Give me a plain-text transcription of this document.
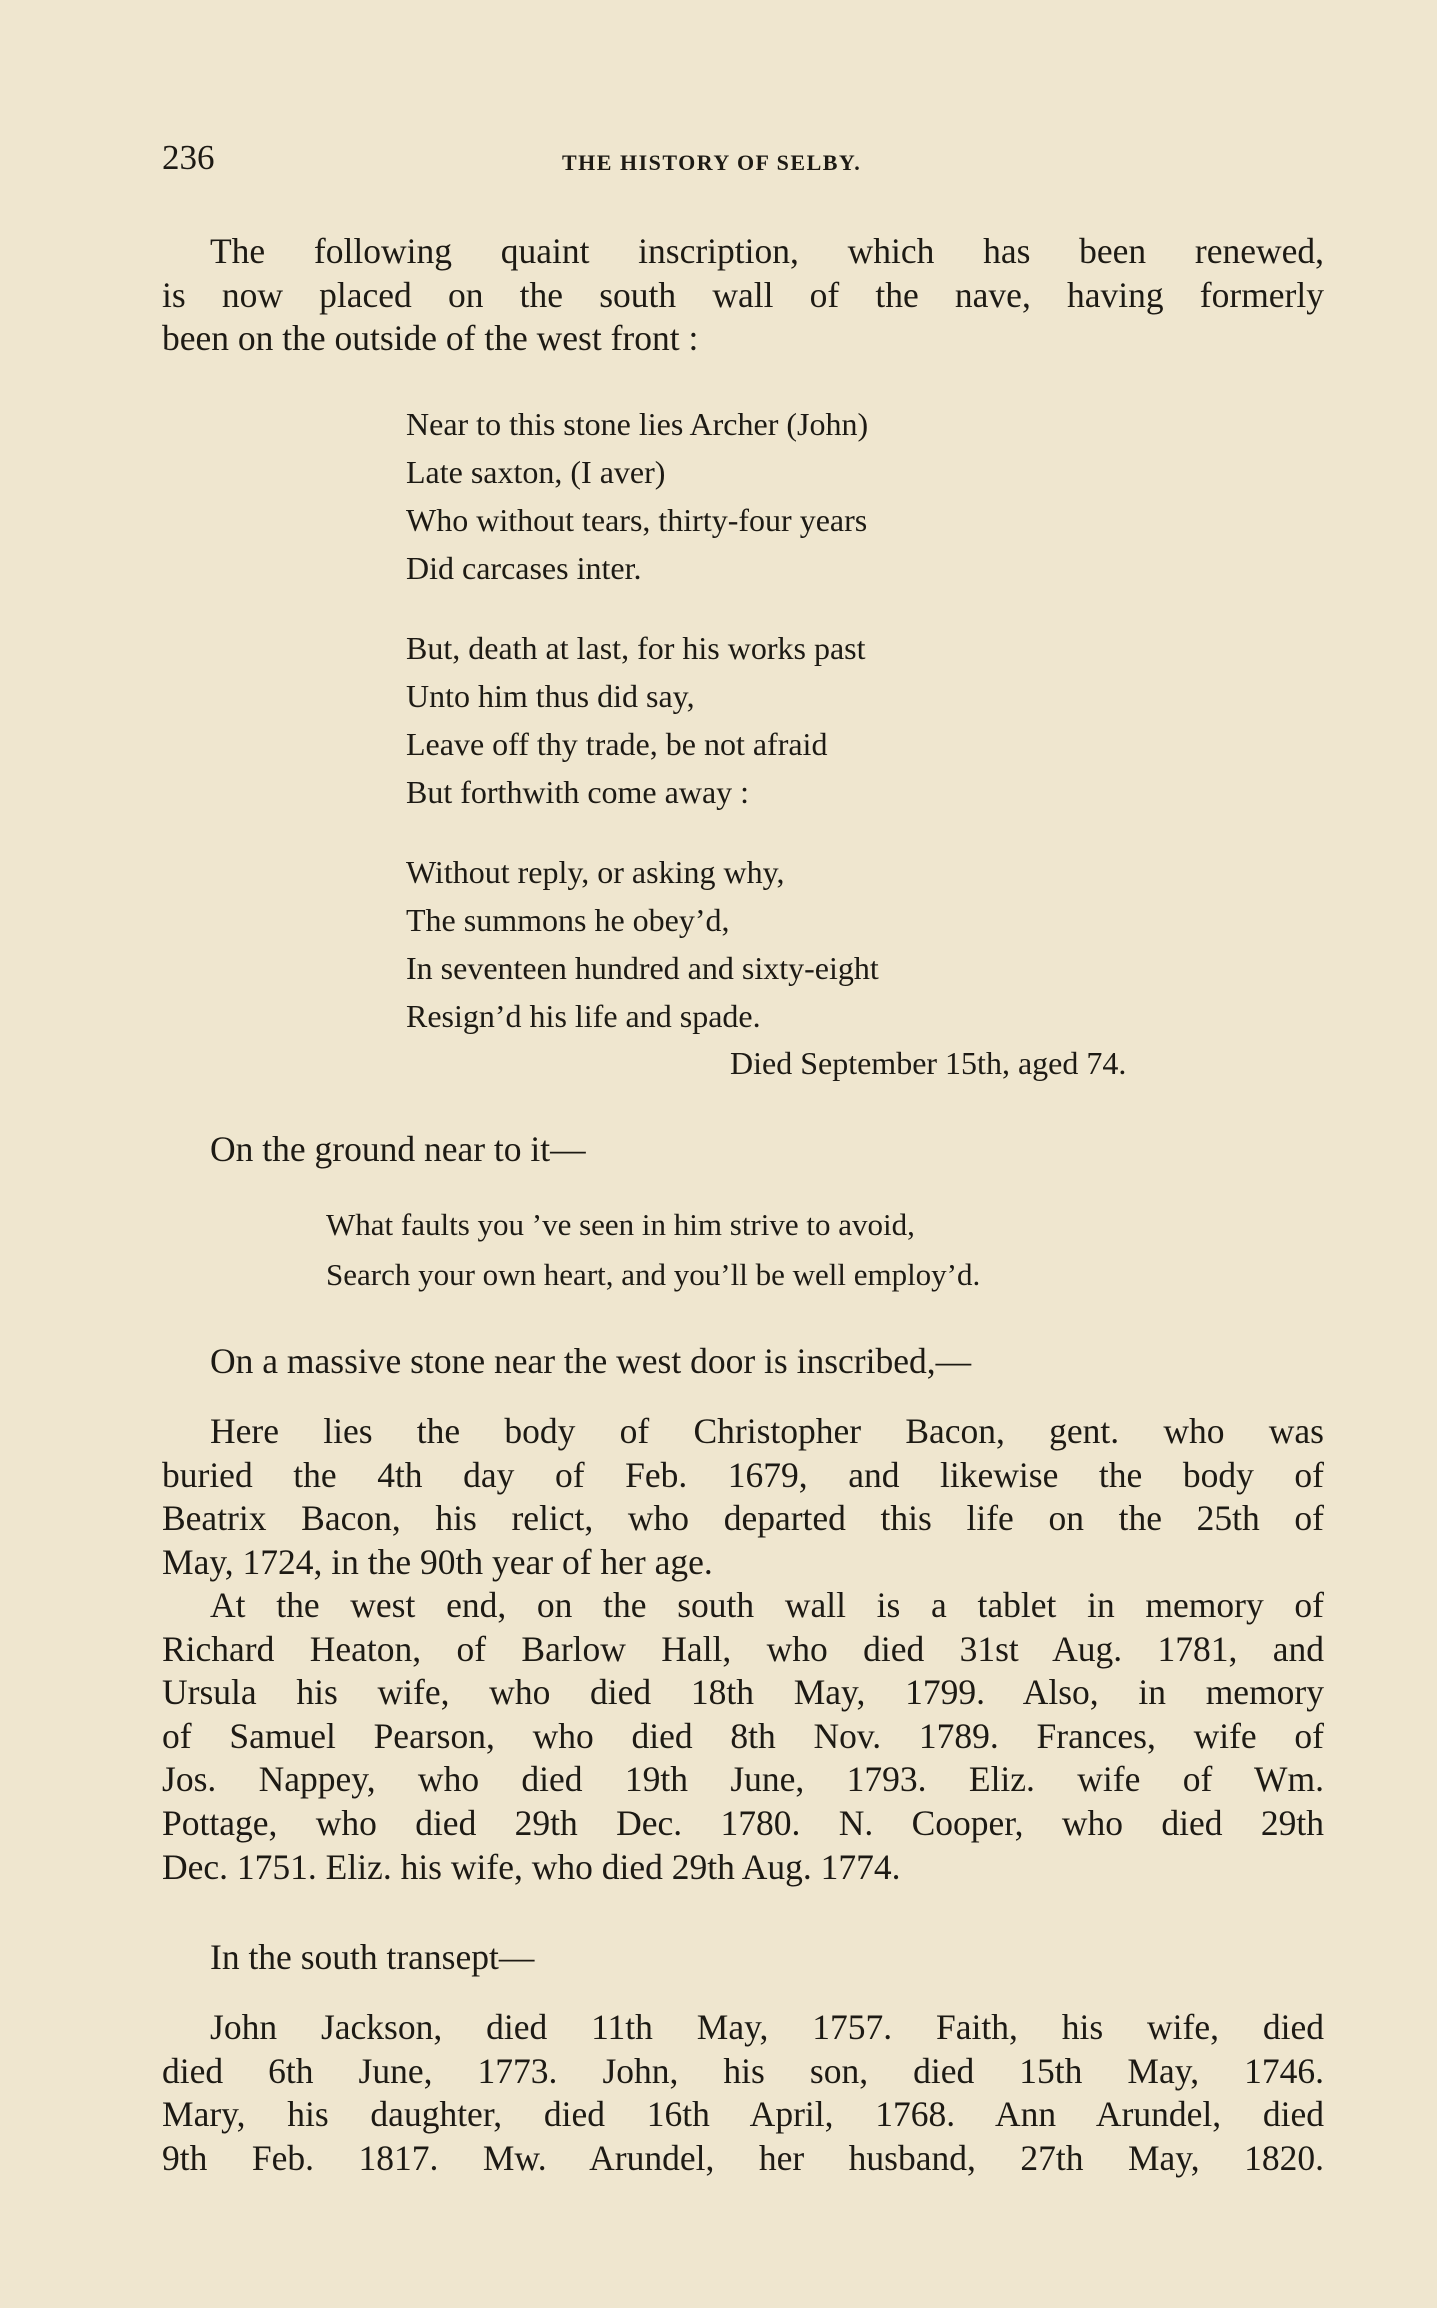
236	THE HISTORY OF SELBY.
The following quaint inscription, which has been renewed,
is now placed on the south wall of the nave, having formerly
been on the outside of the west front :
Near to this stone lies Archer (John)
Late saxton, (I aver)
Who without tears, thirty-four years
Did carcases inter.
But, death at last, for his works past
Unto him thus did say,
Leave off thy trade, be not afraid
But forthwith come away :
Without reply, or asking why,
The summons he obey’d,
In seventeen hundred and sixty-eight
Resign’d his life and spade.
Died September 15th, aged 74.
On the ground near to it—
What faults you ’ve seen in him strive to avoid,
Search your own heart, and you’ll be well employ’d.
On a massive stone near the west door is inscribed,—
Here lies the body of Christopher Bacon, gent. who was
buried the 4th day of Feb. 1679, and likewise the body of
Beatrix Bacon, his relict, who departed this life on the 25th of
May, 1724, in the 90th year of her age.
At the west end, on the south wall is a tablet in memory of
Richard Heaton, of Barlow Hall, who died 31st Aug. 1781, and
Ursula his wife, who died 18th May, 1799. Also, in memory
of Samuel Pearson, who died 8th Nov. 1789. Frances, wife of
Jos. Nappey, who died 19th June, 1793. Eliz. wife of Wm.
Pottage, who died 29th Dec. 1780. N. Cooper, who died 29th
Dec. 1751. Eliz. his wife, who died 29th Aug. 1774.
In the south transept—
John Jackson, died 11th May, 1757. Faith, his wife, died
died 6th June, 1773. John, his son, died 15th May, 1746.
Mary, his daughter, died 16th April, 1768. Ann Arundel, died
9th Feb. 1817. Mw. Arundel, her husband, 27th May, 1820.
